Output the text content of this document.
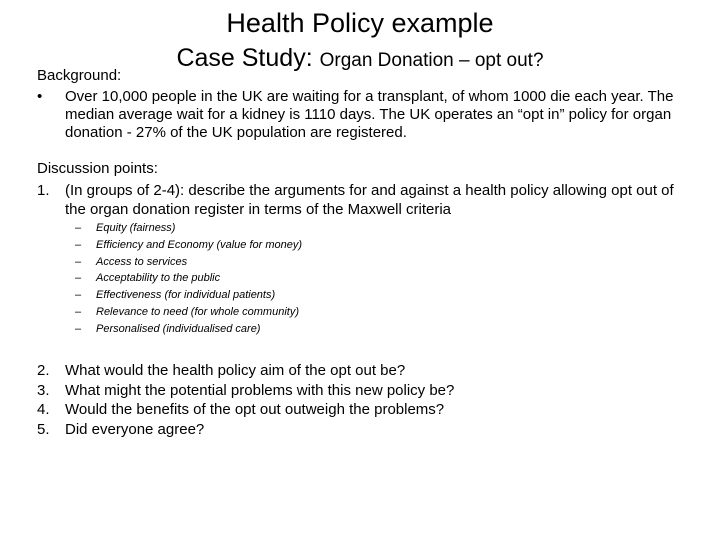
Health Policy example
Case Study: Organ Donation – opt out?
Background:
•	Over 10,000 people in the UK are waiting for a transplant, of whom 1000 die each year. The median average wait for a kidney is 1110 days. The UK operates an “opt in” policy for organ donation - 27% of the UK population are registered.
Discussion points:
1.	(In groups of 2-4): describe the arguments for and against a health policy allowing opt out of the organ donation register in terms of the Maxwell criteria
–	Equity (fairness)
–	Efficiency and Economy (value for money)
–	Access to services
–	Acceptability to the public
–	Effectiveness (for individual patients)
–	Relevance to need (for whole community)
–	Personalised (individualised care)
2.	What would the health policy aim of the opt out be?
3.	What might the potential problems with this new policy be?
4.	Would the benefits of the opt out outweigh the problems?
5.	Did everyone agree?
